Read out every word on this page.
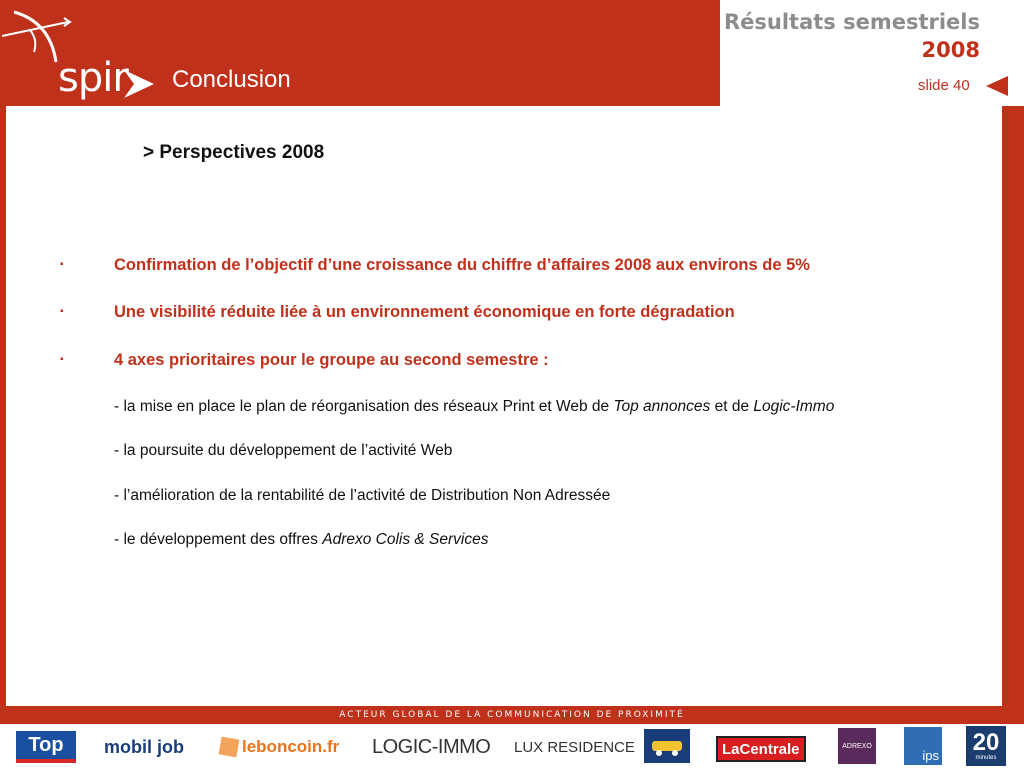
spir Conclusion
Résultats semestriels
2008
slide 40
> Perspectives 2008
▪	Confirmation de l’objectif d’une croissance du chiffre d’affaires 2008 aux environs de 5%
▪	Une visibilité réduite liée à un environnement économique en forte dégradation
▪	4 axes prioritaires pour le groupe au second semestre :
- la mise en place le plan de réorganisation des réseaux Print et Web de Top annonces et de Logic-Immo
- la poursuite du développement de l’activité Web
- l’amélioration de la rentabilité de l’activité de Distribution Non Adressée
- le développement des offres Adrexo Colis & Services
ACTEUR GLOBAL DE LA COMMUNICATION DE PROXIMITÉ
Top	mobil job	leboncoin.fr LOGIC-IMMO LUX RESIDENCE	LaCentrale	ADREXO
ips 20
minutes
